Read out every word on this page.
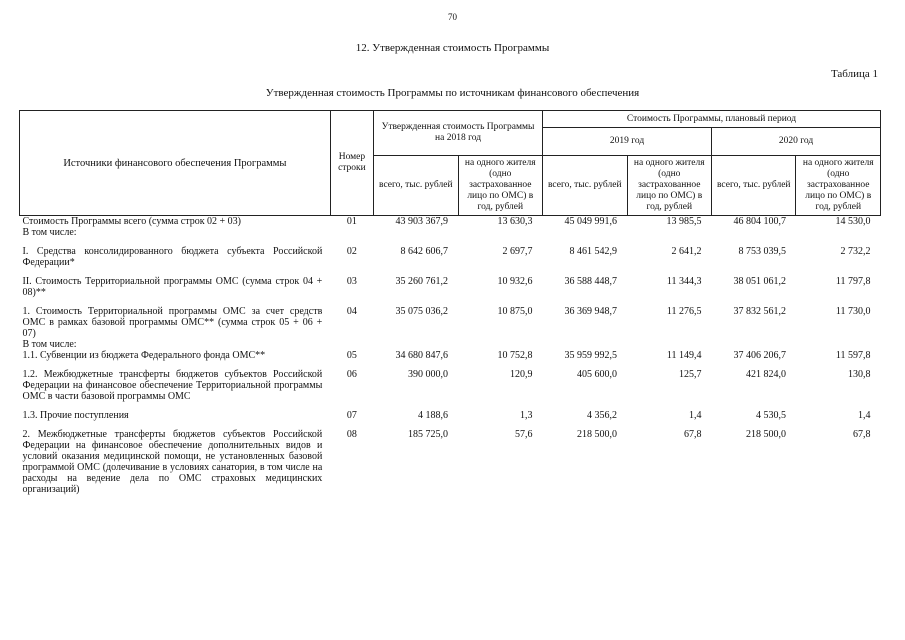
70
12. Утвержденная стоимость Программы
Таблица 1
Утвержденная стоимость Программы по источникам финансового обеспечения
Источники финансового обеспечения Программы	Номер строки	Утвержденная стоимость Программы на 2018 год		Стоимость Программы, плановый период			
				2019 год		2020 год	
		всего, тыс. рублей	на одного жителя (одно застрахованное лицо по ОМС) в год, рублей	всего, тыс. рублей	на одного жителя (одно застрахованное лицо по ОМС) в год, рублей	всего, тыс. рублей	на одного жителя (одно застрахованное лицо по ОМС) в год, рублей
Стоимость Программы всего (сумма строк 02 + 03)	01	43 903 367,9	13 630,3	45 049 991,6	13 985,5	46 804 100,7	14 530,0
В том числе:							

I. Средства консолидированного бюджета субъекта Российской Федерации*	02	8 642 606,7	2 697,7	8 461 542,9	2 641,2	8 753 039,5	2 732,2

II. Стоимость Территориальной программы ОМС (сумма строк 04 + 08)**	03	35 260 761,2	10 932,6	36 588 448,7	11 344,3	38 051 061,2	11 797,8

1. Стоимость Территориальной программы ОМС за счет средств ОМС в рамках базовой программы ОМС** (сумма строк 05 + 06 + 07)	04	35 075 036,2	10 875,0	36 369 948,7	11 276,5	37 832 561,2	11 730,0
В том числе:							
1.1. Субвенции из бюджета Федерального фонда ОМС**	05	34 680 847,6	10 752,8	35 959 992,5	11 149,4	37 406 206,7	11 597,8

1.2. Межбюджетные трансферты бюджетов субъектов Российской Федерации на финансовое обеспечение Территориальной программы ОМС в части базовой программы ОМС	06	390 000,0	120,9	405 600,0	125,7	421 824,0	130,8

1.3. Прочие поступления	07	4 188,6	1,3	4 356,2	1,4	4 530,5	1,4

2. Межбюджетные трансферты бюджетов субъектов Российской Федерации на финансовое обеспечение дополнительных видов и условий оказания медицинской помощи, не установленных базовой программой ОМС (долечивание в условиях санатория, в том числе на расходы на ведение дела по ОМС страховых медицинских организаций)	08	185 725,0	57,6	218 500,0	67,8	218 500,0	67,8
